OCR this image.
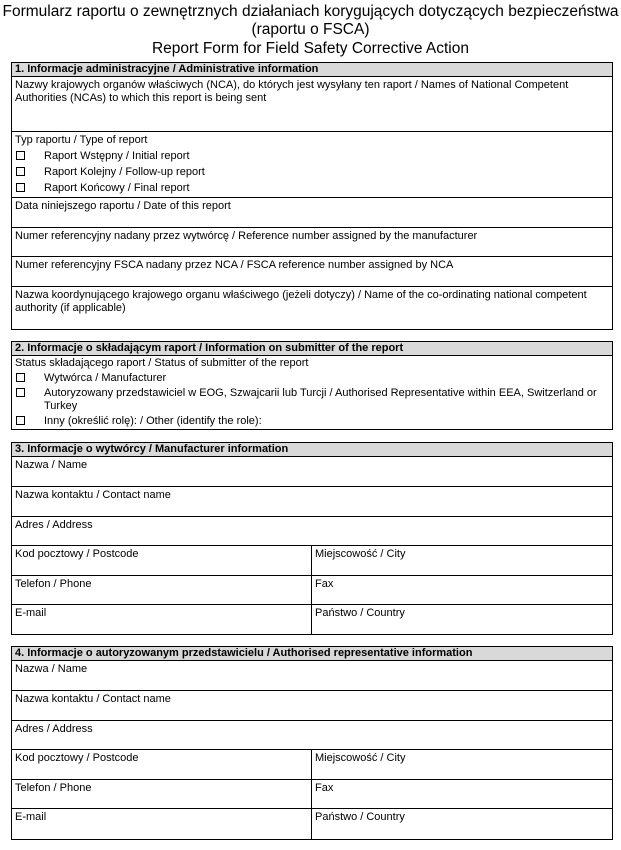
Formularz raportu o zewnętrznych działaniach korygujących dotyczących bezpieczeństwa
(raportu o FSCA)
Report Form for Field Safety Corrective Action
1. Informacje administracyjne / Administrative information
Nazwy krajowych organów właściwych (NCA), do których jest wysyłany ten raport / Names of National Competent Authorities (NCAs) to which this report is being sent
Typ raportu / Type of report
Raport Wstępny / Initial report
Raport Kolejny / Follow-up report
Raport Końcowy / Final report
Data niniejszego raportu / Date of this report
Numer referencyjny nadany przez wytwórcę / Reference number assigned by the manufacturer
Numer referencyjny FSCA nadany przez NCA / FSCA reference number assigned by NCA
Nazwa koordynującego krajowego organu właściwego (jeżeli dotyczy) / Name of the co-ordinating national competent authority (if applicable)
2. Informacje o składającym raport / Information on submitter of the report
Status składającego raport / Status of submitter of the report
Wytwórca / Manufacturer
Autoryzowany przedstawiciel w EOG, Szwajcarii lub Turcji / Authorised Representative within EEA, Switzerland or Turkey
Inny (określić rolę): / Other (identify the role):
3. Informacje o wytwórcy / Manufacturer information
Nazwa / Name
Nazwa kontaktu / Contact name
Adres / Address
Kod pocztowy / Postcode	Miejscowość / City
Telefon / Phone	Fax
E-mail	Państwo / Country
4. Informacje o autoryzowanym przedstawicielu / Authorised representative information
Nazwa / Name
Nazwa kontaktu / Contact name
Adres / Address
Kod pocztowy / Postcode	Miejscowość / City
Telefon / Phone	Fax
E-mail	Państwo / Country
